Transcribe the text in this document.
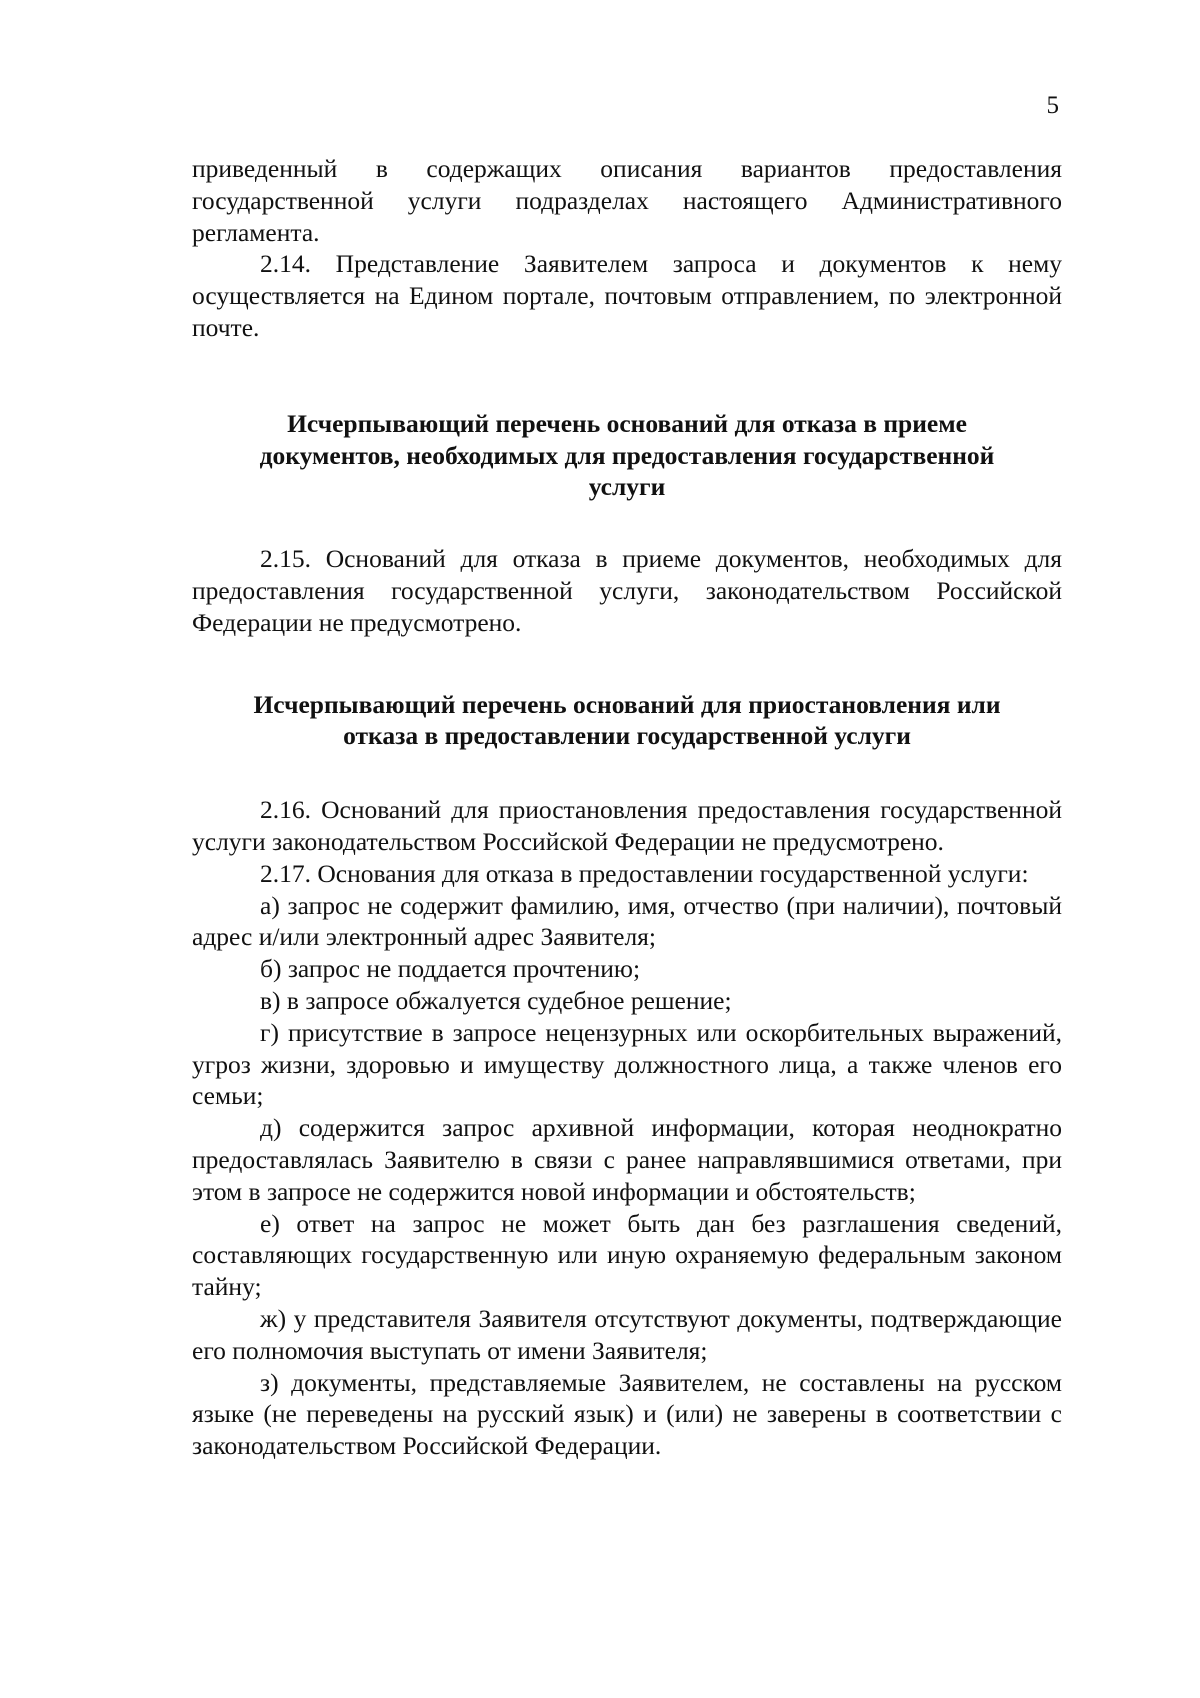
5

приведенный в содержащих описания вариантов предоставления государственной услуги подразделах настоящего Административного регламента.

2.14. Представление Заявителем запроса и документов к нему осуществляется на Едином портале, почтовым отправлением, по электронной почте.

Исчерпывающий перечень оснований для отказа в приеме документов, необходимых для предоставления государственной услуги

2.15. Оснований для отказа в приеме документов, необходимых для предоставления государственной услуги, законодательством Российской Федерации не предусмотрено.

Исчерпывающий перечень оснований для приостановления или отказа в предоставлении государственной услуги

2.16. Оснований для приостановления предоставления государственной услуги законодательством Российской Федерации не предусмотрено.

2.17. Основания для отказа в предоставлении государственной услуги:

а) запрос не содержит фамилию, имя, отчество (при наличии), почтовый адрес и/или электронный адрес Заявителя;

б) запрос не поддается прочтению;

в) в запросе обжалуется судебное решение;

г) присутствие в запросе нецензурных или оскорбительных выражений, угроз жизни, здоровью и имуществу должностного лица, а также членов его семьи;

д) содержится запрос архивной информации, которая неоднократно предоставлялась Заявителю в связи с ранее направлявшимися ответами, при этом в запросе не содержится новой информации и обстоятельств;

е) ответ на запрос не может быть дан без разглашения сведений, составляющих государственную или иную охраняемую федеральным законом тайну;

ж) у представителя Заявителя отсутствуют документы, подтверждающие его полномочия выступать от имени Заявителя;

з) документы, представляемые Заявителем, не составлены на русском языке (не переведены на русский язык) и (или) не заверены в соответствии с законодательством Российской Федерации.
